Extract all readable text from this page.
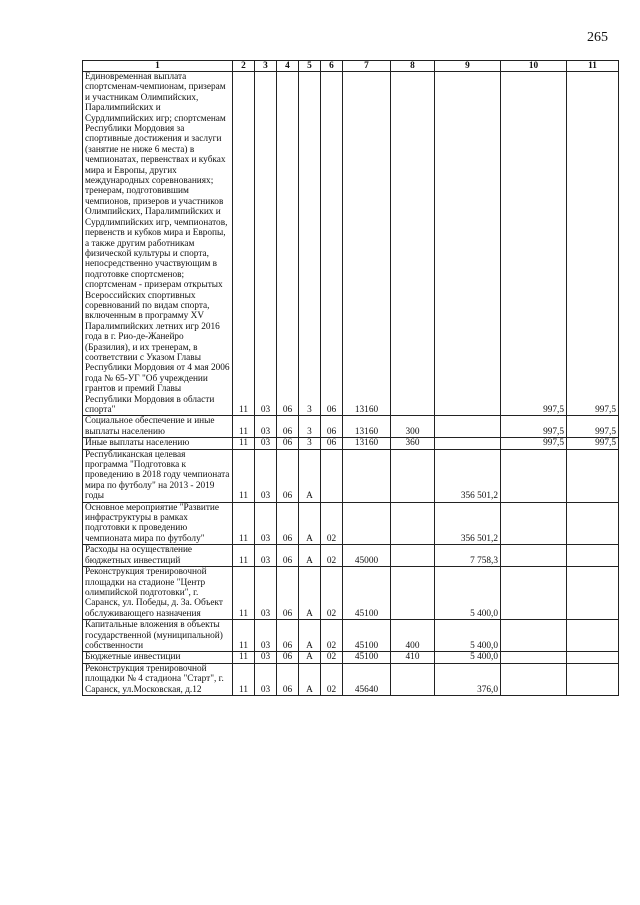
265
1	2	3	4	5	6	7	8	9	10	11
Единовременная выплата спортсменам-чемпионам, призерам и участникам Олимпийских, Паралимпийских и Сурдлимпийских игр; спортсменам Республики Мордовия за спортивные достижения и заслуги (занятие не ниже 6 места) в чемпионатах, первенствах и кубках мира и Европы, других международных соревнованиях; тренерам, подготовившим чемпионов, призеров и участников Олимпийских, Паралимпийских и Сурдлимпийских игр, чемпионатов, первенств и кубков мира и Европы, а также другим работникам физической культуры и спорта, непосредственно участвующим в подготовке спортсменов; спортсменам - призерам открытых Всероссийских спортивных соревнований по видам спорта, включенным в программу XV Паралимпийских летних игр 2016 года в г. Рио-де-Жанейро (Бразилия), и их тренерам, в соответствии с Указом Главы Республики Мордовия от 4 мая 2006 года № 65-УГ "Об учреждении грантов и премий Главы Республики Мордовия в области спорта"	11	03	06	3	06	13160			997,5	997,5
Социальное обеспечение и иные выплаты населению	11	03	06	3	06	13160	300		997,5	997,5
Иные выплаты населению	11	03	06	3	06	13160	360		997,5	997,5
Республиканская целевая программа "Подготовка к проведению в 2018 году чемпионата мира по футболу" на 2013 - 2019 годы	11	03	06	А				356 501,2		
Основное мероприятие "Развитие инфраструктуры в рамках подготовки к проведению чемпионата мира по футболу"	11	03	06	А	02			356 501,2		
Расходы на осуществление бюджетных инвестиций	11	03	06	А	02	45000		7 758,3		
Реконструкция тренировочной площадки на стадионе "Центр олимпийской подготовки", г. Саранск, ул. Победы, д. 3а. Объект обслуживающего назначения	11	03	06	А	02	45100		5 400,0		
Капитальные вложения в объекты государственной (муниципальной) собственности	11	03	06	А	02	45100	400	5 400,0		
Бюджетные инвестиции	11	03	06	А	02	45100	410	5 400,0		
Реконструкция тренировочной площадки № 4 стадиона "Старт", г. Саранск, ул.Московская, д.12	11	03	06	А	02	45640		376,0		
